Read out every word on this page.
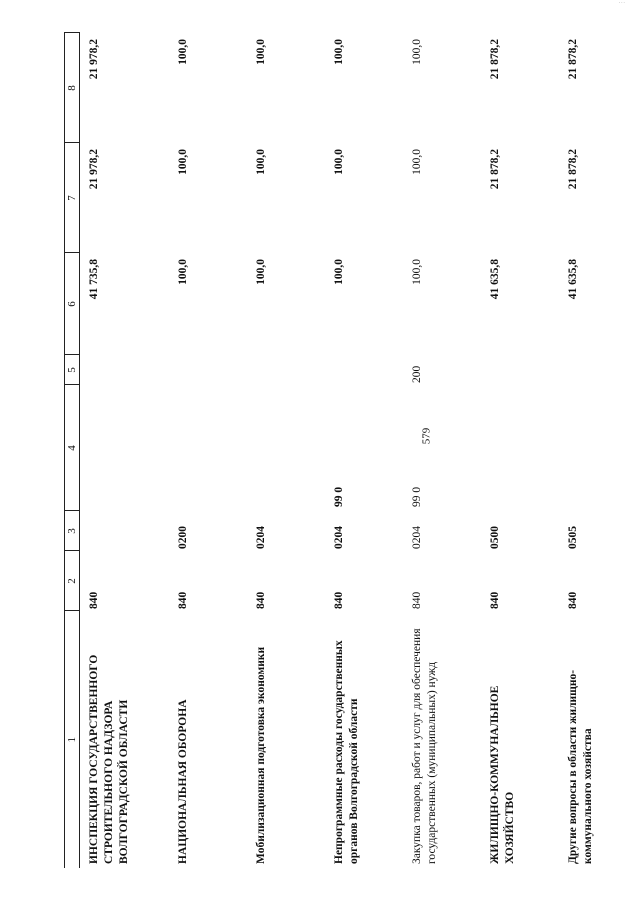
579
...
1	2	3	4	5	6	7	8
ИНСПЕКЦИЯ ГОСУДАРСТВЕННОГО СТРОИТЕЛЬНОГО НАДЗОРА ВОЛГОГРАДСКОЙ ОБЛАСТИ	840				41 735,8	21 978,2	21 978,2
НАЦИОНАЛЬНАЯ ОБОРОНА	840	0200			100,0	100,0	100,0
Мобилизационная подготовка экономики	840	0204			100,0	100,0	100,0
Непрограммные расходы государственных органов Волгоградской области	840	0204	99 0		100,0	100,0	100,0
Закупка товаров, работ и услуг для обеспечения государственных (муниципальных) нужд	840	0204	99 0	200	100,0	100,0	100,0
ЖИЛИЩНО-КОММУНАЛЬНОЕ ХОЗЯЙСТВО	840	0500			41 635,8	21 878,2	21 878,2
Другие вопросы в области жилищно-коммунального хозяйства	840	0505			41 635,8	21 878,2	21 878,2
